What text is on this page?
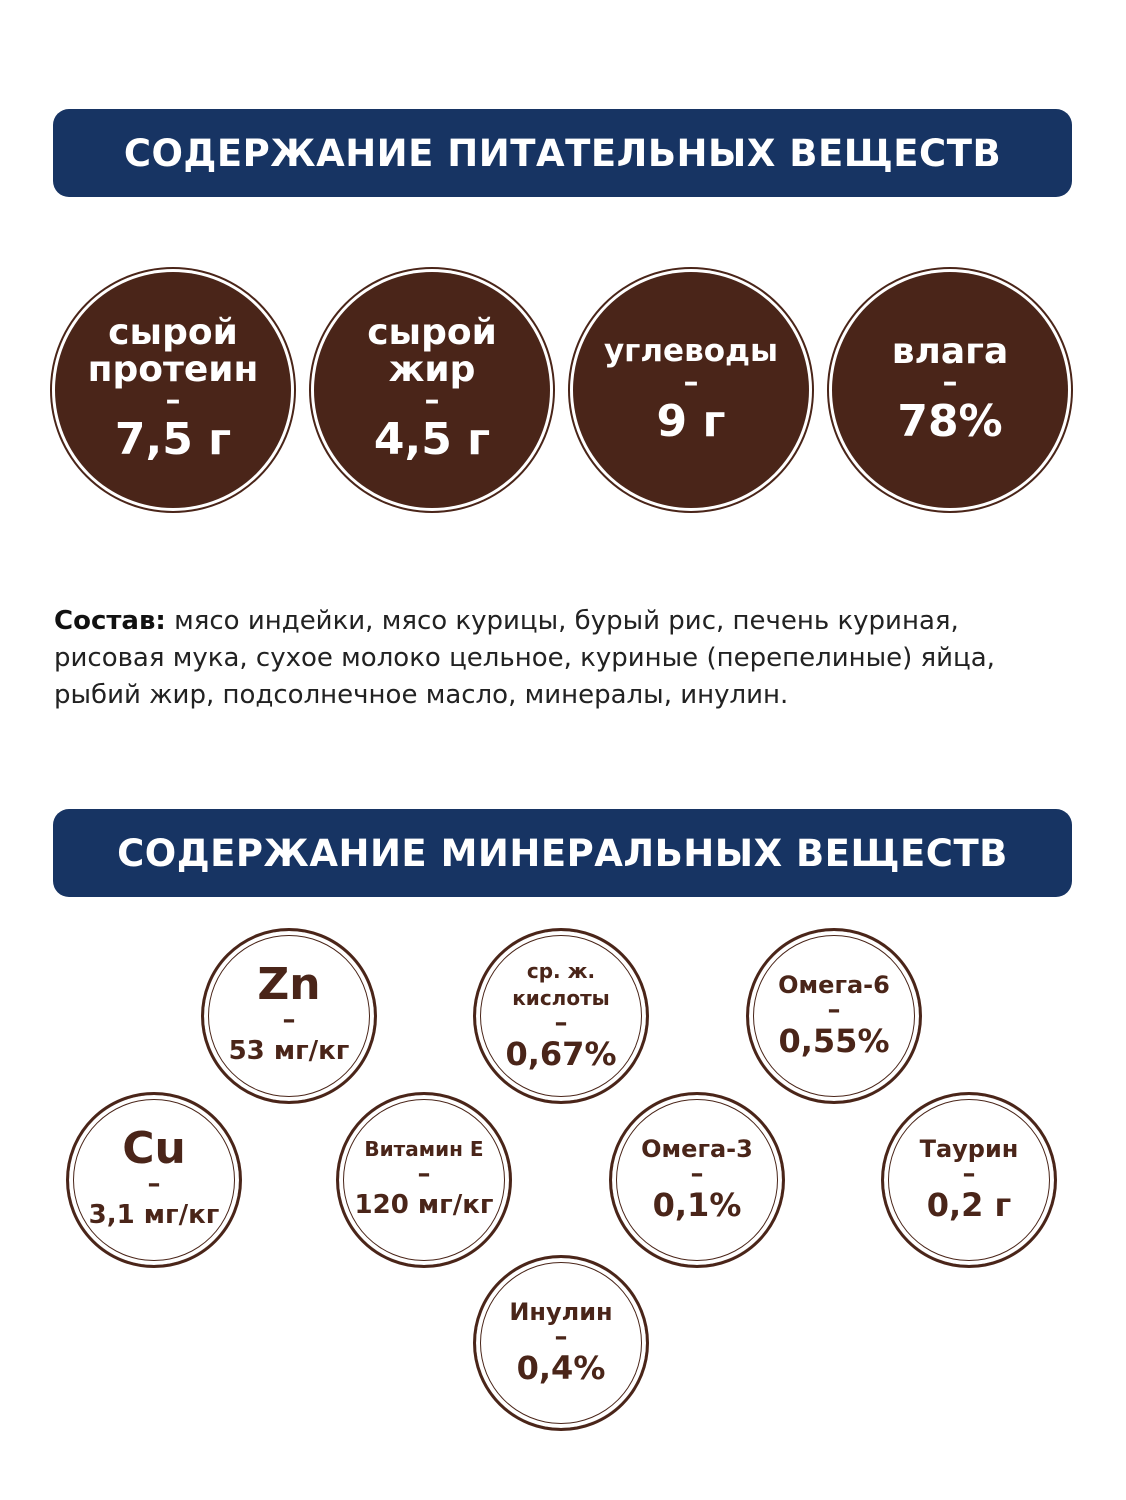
СОДЕРЖАНИЕ ПИТАТЕЛЬНЫХ ВЕЩЕСТВ
сырой
протеин
–
7,5 г
сырой
жир
–
4,5 г
углеводы
–
9 г
влага
–
78%
Состав: мясо индейки, мясо курицы, бурый рис, печень куриная, рисовая мука, сухое молоко цельное, куриные (перепелиные) яйца, рыбий жир, подсолнечное масло, минералы, инулин.
СОДЕРЖАНИЕ МИНЕРАЛЬНЫХ ВЕЩЕСТВ
Zn
–
53 мг/кг
ср. ж.
кислоты
–
0,67%
Омега-6
–
0,55%
Cu
–
3,1 мг/кг
Витамин Е
–
120 мг/кг
Омега-3
–
0,1%
Таурин
–
0,2 г
Инулин
–
0,4%
